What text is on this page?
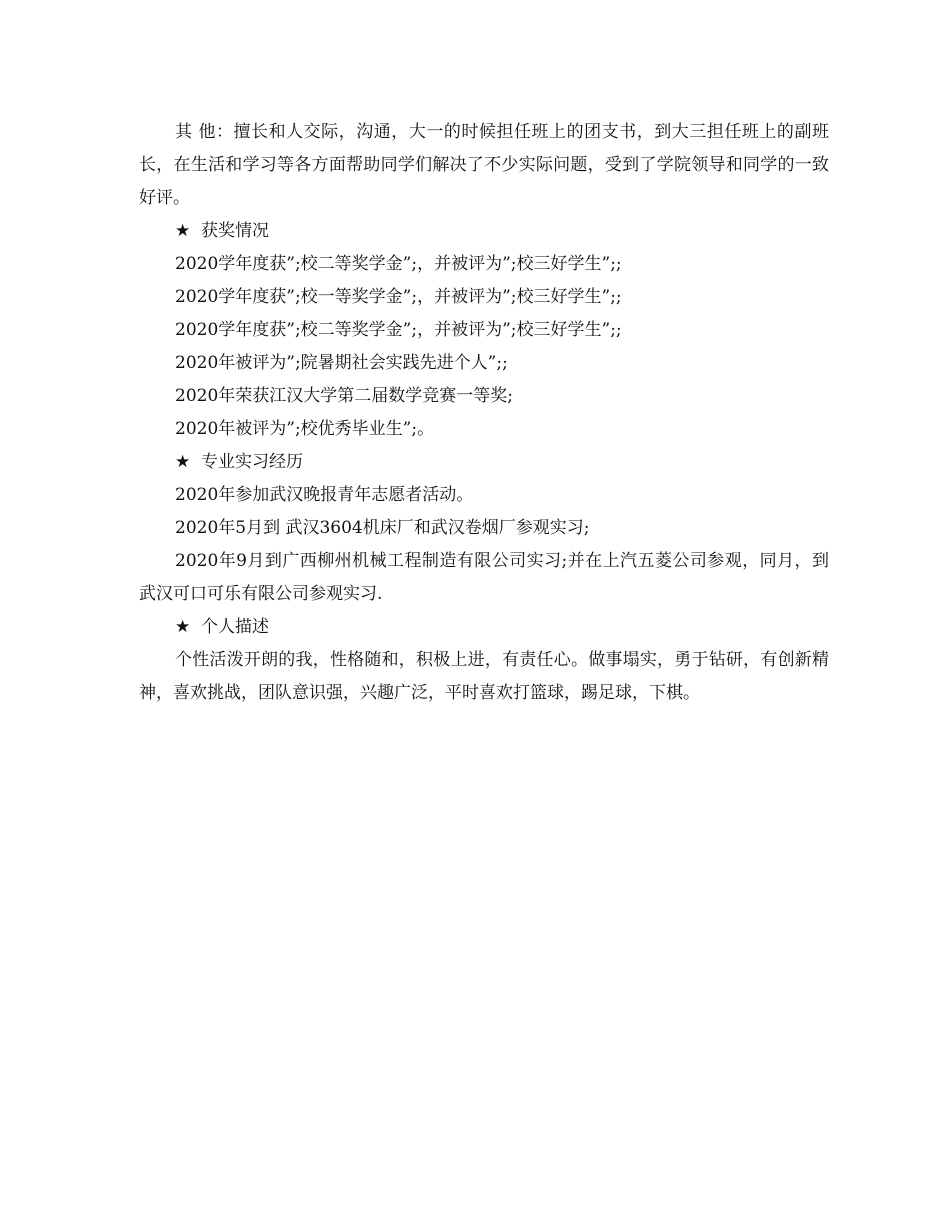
其 他：擅长和人交际，沟通，大一的时候担任班上的团支书，到大三担任班上的副班长，在生活和学习等各方面帮助同学们解决了不少实际问题，受到了学院领导和同学的一致好评。

★ 获奖情况

2020学年度获”;校二等奖学金”;，并被评为”;校三好学生”;;

2020学年度获”;校一等奖学金”;，并被评为”;校三好学生”;;

2020学年度获”;校二等奖学金”;，并被评为”;校三好学生”;;

2020年被评为”;院暑期社会实践先进个人”;;

2020年荣获江汉大学第二届数学竞赛一等奖;

2020年被评为”;校优秀毕业生”;。

★ 专业实习经历

2020年参加武汉晚报青年志愿者活动。

2020年5月到 武汉3604机床厂和武汉卷烟厂参观实习;

2020年9月到广西柳州机械工程制造有限公司实习;并在上汽五菱公司参观，同月，到 武汉可口可乐有限公司参观实习.

★ 个人描述

个性活泼开朗的我，性格随和，积极上进，有责任心。做事塌实，勇于钻研，有创新精神，喜欢挑战，团队意识强，兴趣广泛，平时喜欢打篮球，踢足球，下棋。
